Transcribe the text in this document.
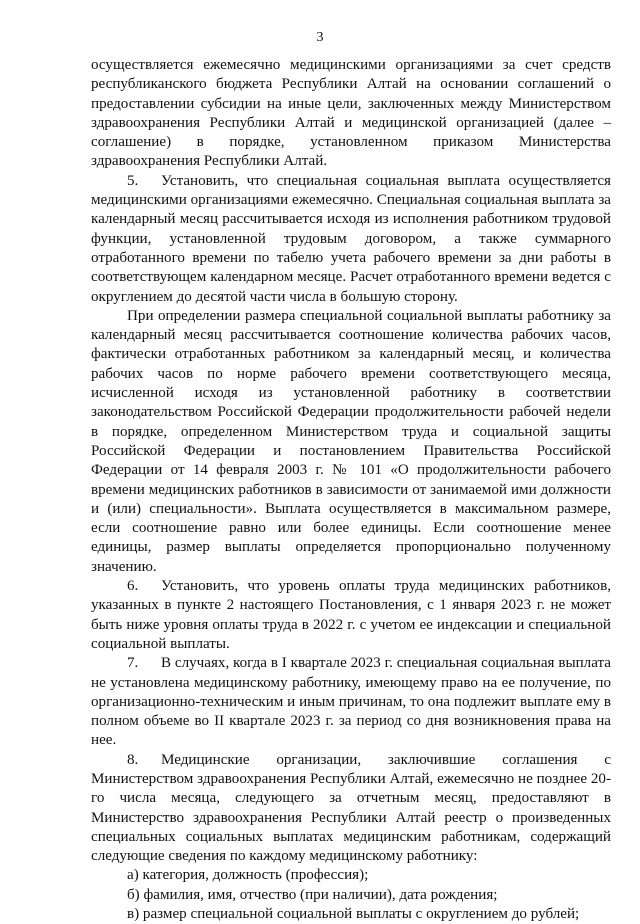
3

осуществляется ежемесячно медицинскими организациями за счет средств республиканского бюджета Республики Алтай на основании соглашений о предоставлении субсидии на иные цели, заключенных между Министерством здравоохранения Республики Алтай и медицинской организацией (далее – соглашение) в порядке, установленном приказом Министерства здравоохранения Республики Алтай.

5. Установить, что специальная социальная выплата осуществляется медицинскими организациями ежемесячно. Специальная социальная выплата за календарный месяц рассчитывается исходя из исполнения работником трудовой функции, установленной трудовым договором, а также суммарного отработанного времени по табелю учета рабочего времени за дни работы в соответствующем календарном месяце. Расчет отработанного времени ведется с округлением до десятой части числа в большую сторону.

При определении размера специальной социальной выплаты работнику за календарный месяц рассчитывается соотношение количества рабочих часов, фактически отработанных работником за календарный месяц, и количества рабочих часов по норме рабочего времени соответствующего месяца, исчисленной исходя из установленной работнику в соответствии законодательством Российской Федерации продолжительности рабочей недели в порядке, определенном Министерством труда и социальной защиты Российской Федерации и постановлением Правительства Российской Федерации от 14 февраля 2003 г. № 101 «О продолжительности рабочего времени медицинских работников в зависимости от занимаемой ими должности и (или) специальности». Выплата осуществляется в максимальном размере, если соотношение равно или более единицы. Если соотношение менее единицы, размер выплаты определяется пропорционально полученному значению.

6. Установить, что уровень оплаты труда медицинских работников, указанных в пункте 2 настоящего Постановления, с 1 января 2023 г. не может быть ниже уровня оплаты труда в 2022 г. с учетом ее индексации и специальной социальной выплаты.

7. В случаях, когда в I квартале 2023 г. специальная социальная выплата не установлена медицинскому работнику, имеющему право на ее получение, по организационно-техническим и иным причинам, то она подлежит выплате ему в полном объеме во II квартале 2023 г. за период со дня возникновения права на нее.

8. Медицинские организации, заключившие соглашения с Министерством здравоохранения Республики Алтай, ежемесячно не позднее 20-го числа месяца, следующего за отчетным месяц, предоставляют в Министерство здравоохранения Республики Алтай реестр о произведенных специальных социальных выплатах медицинским работникам, содержащий следующие сведения по каждому медицинскому работнику:

а) категория, должность (профессия);

б) фамилия, имя, отчество (при наличии), дата рождения;

в) размер специальной социальной выплаты с округлением до рублей;
